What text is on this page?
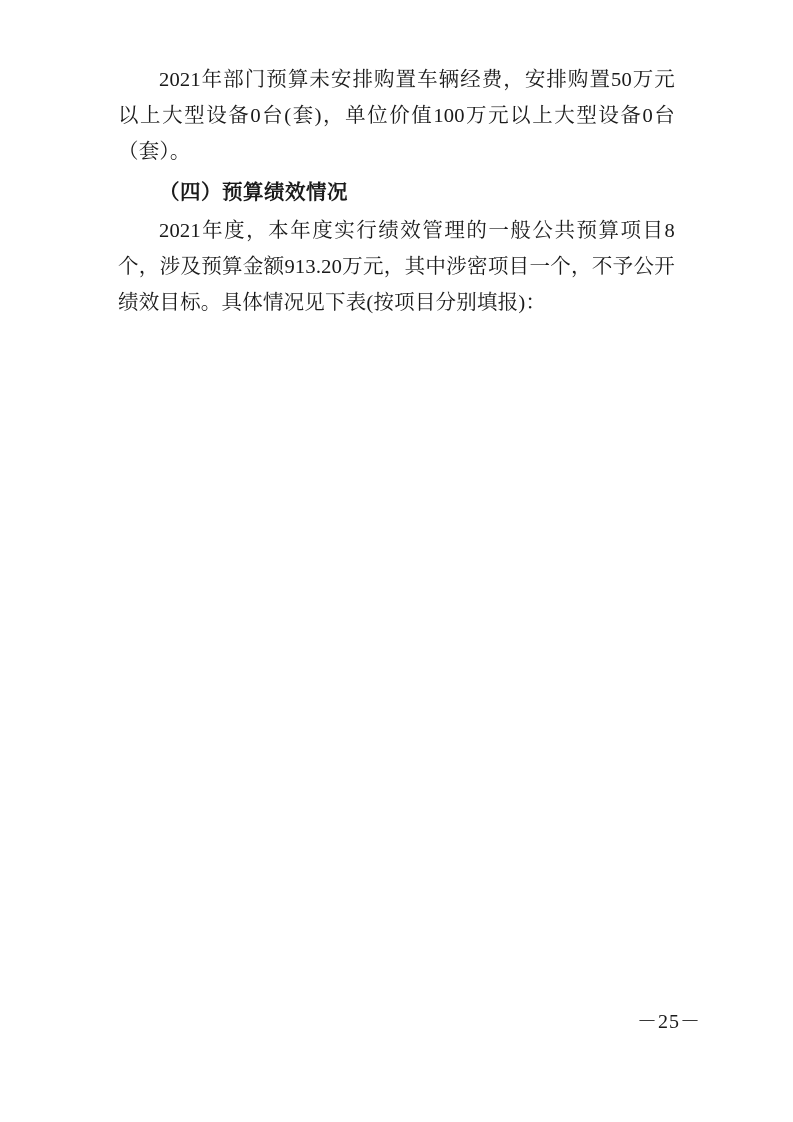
2021年部门预算未安排购置车辆经费，安排购置50万元以上大型设备0台(套)，单位价值100万元以上大型设备0台（套）。

（四）预算绩效情况

2021年度，本年度实行绩效管理的一般公共预算项目8个，涉及预算金额913.20万元，其中涉密项目一个，不予公开绩效目标。具体情况见下表(按项目分别填报)：

－25－
